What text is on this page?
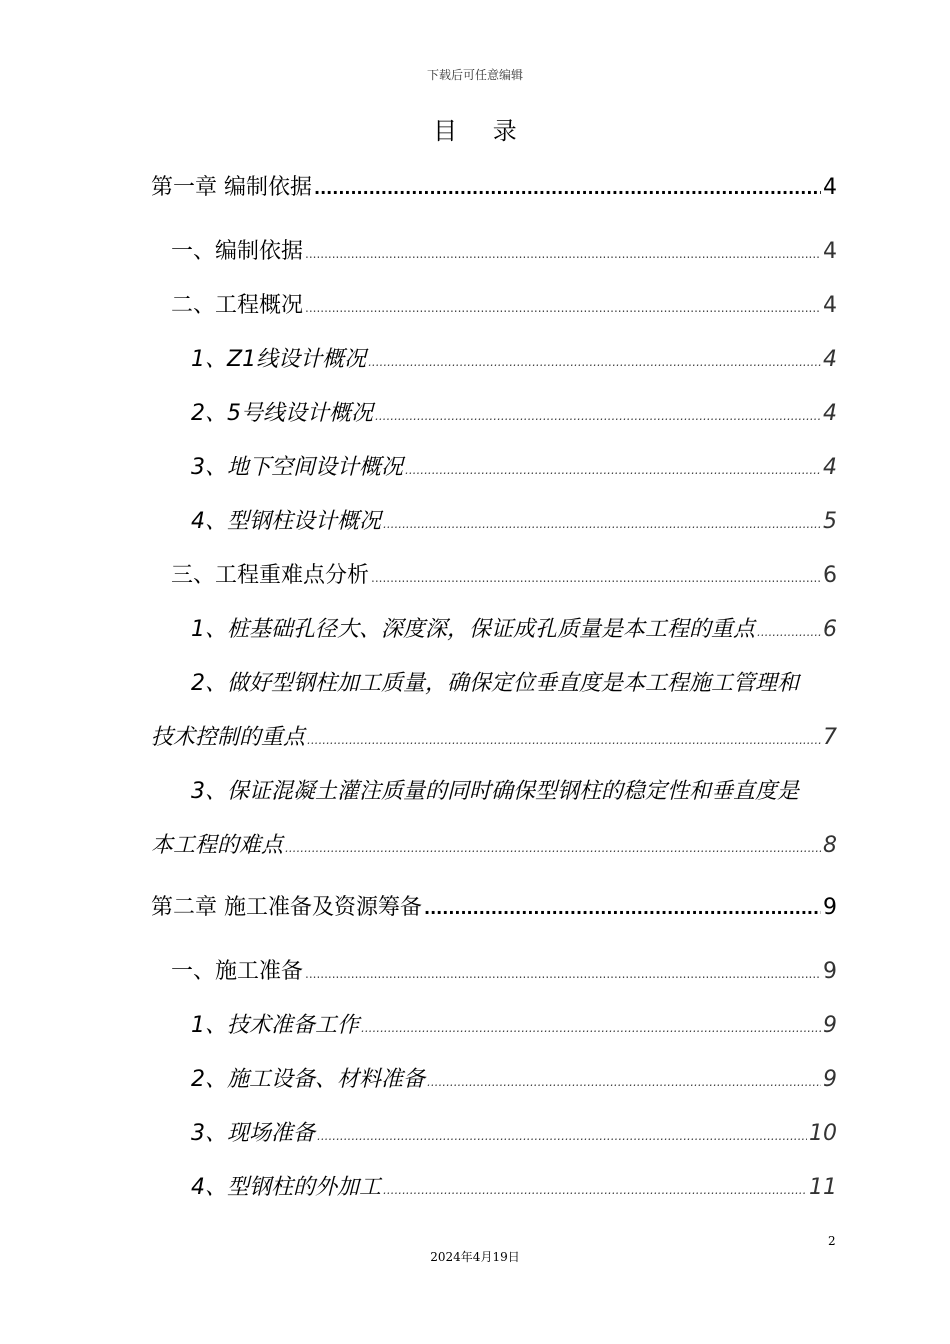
下载后可任意编辑
目 录
第一章 编制依据 .....	4
一、编制依据 .....	4
二、工程概况 .....	4
1、Z1线设计概况 .....	4
2、5号线设计概况 .....	4
3、地下空间设计概况 .....	4
4、型钢柱设计概况 .....	5
三、工程重难点分析 .....	6
1、桩基础孔径大、深度深，保证成孔质量是本工程的重点 .....	6
2、做好型钢柱加工质量，确保定位垂直度是本工程施工管理和
技术控制的重点 .....	7
3、保证混凝土灌注质量的同时确保型钢柱的稳定性和垂直度是
本工程的难点 .....	8
第二章 施工准备及资源筹备 .....	9
一、施工准备 .....	9
1、技术准备工作 .....	9
2、施工设备、材料准备 .....	9
3、现场准备 .....	10
4、型钢柱的外加工 .....	11
2
2024年4月19日
